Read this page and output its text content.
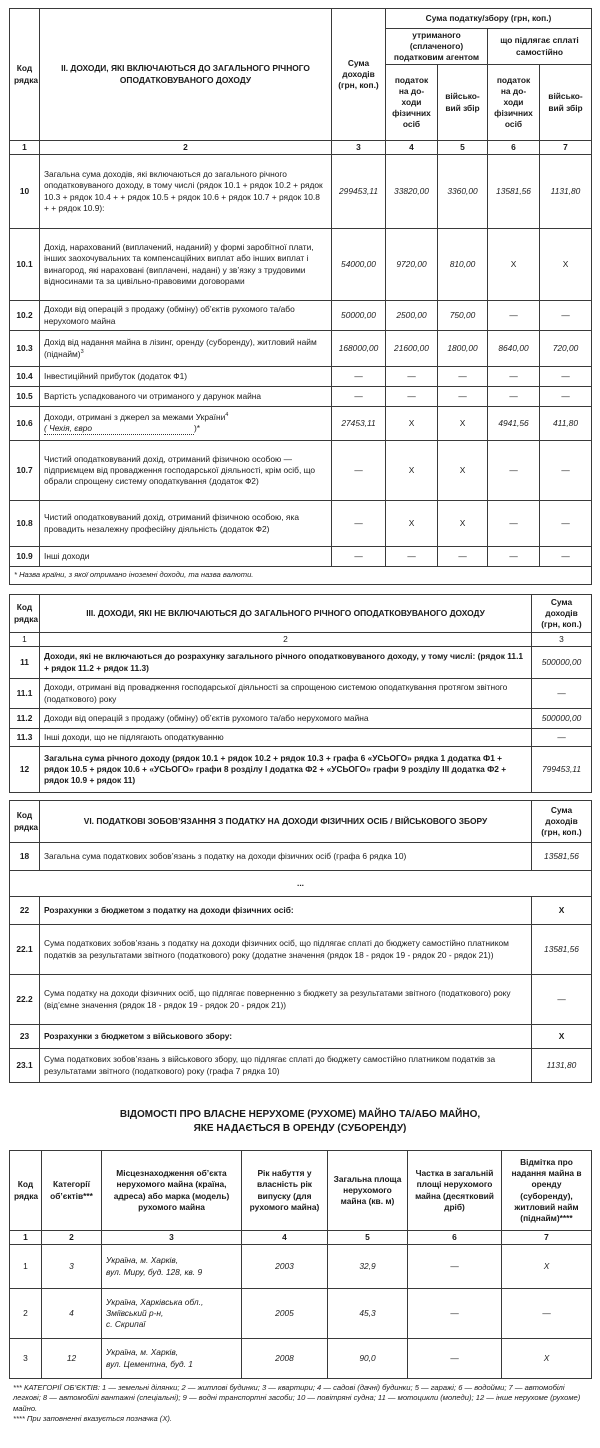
Код рядка	II. ДОХОДИ, ЯКІ ВКЛЮЧАЮТЬСЯ ДО ЗАГАЛЬНОГО РІЧНОГО ОПОДАТКОВУВАНОГО ДОХОДУ	Сума доходів (грн, коп.)	Сума податку/збору (грн, коп.)			
			утриманого (сплаченого) податковим агентом		що підлягає сплаті самостійно	
			податок на до-ходи фізичних осіб	військо-вий збір	податок на до-ходи фізичних осіб	військо-вий збір
1	2	3	4	5	6	7
10	Загальна сума доходів, які включаються до загального річного оподатковуваного доходу, в тому числі (рядок 10.1 + рядок 10.2 + рядок 10.3 + рядок 10.4 + + рядок 10.5 + рядок 10.6 + рядок 10.7 + рядок 10.8 + + рядок 10.9):	299453,11	33820,00	3360,00	13581,56	1131,80
10.1	Дохід, нарахований (виплачений, наданий) у формі заробітної плати, інших заохочувальних та компенсаційних виплат або інших виплат і винагород, які нараховані (виплачені, надані) у зв’язку з трудовими відносинами та за цивільно-правовими договорами	54000,00	9720,00	810,00	X	X
10.2	Доходи від операцій з продажу (обміну) об’єктів рухомого та/або нерухомого майна	50000,00	2500,00	750,00	—	—
10.3	Дохід від надання майна в лізинг, оренду (суборенду), житловий найм (піднайм)$^3$	168000,00	21600,00	1800,00	8640,00	720,00
10.4	Інвестиційний прибуток (додаток Ф1)	—	—	—	—	—
10.5	Вартість успадкованого чи отриманого у дарунок майна	—	—	—	—	—
10.6	Доходи, отримані з джерел за межами України$^4$
( Чехія, євро )*	27453,11	X	X	4941,56	411,80
10.7	Чистий оподатковуваний дохід, отриманий фізичною особою — підприємцем від провадження господарської діяльності, крім осіб, що обрали спрощену систему оподаткування (додаток Ф2)	—	X	X	—	—
10.8	Чистий оподатковуваний дохід, отриманий фізичною особою, яка провадить незалежну професійну діяльність (додаток Ф2)	—	X	X	—	—
10.9	Інші доходи	—	—	—	—	—
* Назва країни, з якої отримано іноземні доходи, та назва валюти.						
Код рядка	III. ДОХОДИ, ЯКІ НЕ ВКЛЮЧАЮТЬСЯ ДО ЗАГАЛЬНОГО РІЧНОГО ОПОДАТКОВУВАНОГО ДОХОДУ	Сума доходів (грн, коп.)
1	2	3
11	Доходи, які не включаються до розрахунку загального річного оподатковуваного доходу, у тому числі: (рядок 11.1 + рядок 11.2 + рядок 11.3)	500000,00
11.1	Доходи, отримані від провадження господарської діяльності за спрощеною системою оподаткування протягом звітного (податкового) року	—
11.2	Доходи від операцій з продажу (обміну) об’єктів рухомого та/або нерухомого майна	500000,00
11.3	Інші доходи, що не підлягають оподаткуванню	—
12	Загальна сума річного доходу (рядок 10.1 + рядок 10.2 + рядок 10.3 + графа 6 «УСЬОГО» рядка 1 додатка Ф1 + рядок 10.5 + рядок 10.6 + «УСЬОГО» графи 8 розділу I додатка Ф2 + «УСЬОГО» графи 9 розділу III додатка Ф2 + рядок 10.9 + рядок 11)	799453,11
Код рядка	VI. ПОДАТКОВІ ЗОБОВ’ЯЗАННЯ З ПОДАТКУ НА ДОХОДИ ФІЗИЧНИХ ОСІБ / ВІЙСЬКОВОГО ЗБОРУ	Сума доходів (грн, коп.)
18	Загальна сума податкових зобов’язань з податку на доходи фізичних осіб (графа 6 рядка 10)	13581,56
...		
22	Розрахунки з бюджетом з податку на доходи фізичних осіб:	X
22.1	Сума податкових зобов’язань з податку на доходи фізичних осіб, що підлягає сплаті до бюджету самостійно платником податків за результатами звітного (податкового) року (додатне значення (рядок 18 - рядок 19 - рядок 20 - рядок 21))	13581,56
22.2	Сума податку на доходи фізичних осіб, що підлягає поверненню з бюджету за результатами звітного (податкового) року (від’ємне значення (рядок 18 - рядок 19 - рядок 20 - рядок 21))	—
23	Розрахунки з бюджетом з військового збору:	X
23.1	Сума податкових зобов’язань з військового збору, що підлягає сплаті до бюджету самостійно платником податків за результатами звітного (податкового) року (графа 7 рядка 10)	1131,80
ВІДОМОСТІ ПРО ВЛАСНЕ НЕРУХОМЕ (РУХОМЕ) МАЙНО ТА/АБО МАЙНО,
ЯКЕ НАДАЄТЬСЯ В ОРЕНДУ (СУБОРЕНДУ)
Код рядка	Категорії об’єктів***	Місцезнаходження об’єкта нерухомого майна (країна, адреса) або марка (модель) рухомого майна	Рік набуття у власність рік випуску (для рухомого майна)	Загальна площа нерухомого майна (кв. м)	Частка в загальній площі нерухомого майна (десятковий дріб)	Відмітка про надання майна в оренду (суборенду), житловий найм (піднайм)****
1	2	3	4	5	6	7
1	3	Україна, м. Харків,
вул. Миру, буд. 128, кв. 9	2003	32,9	—	X
2	4	Україна, Харківська обл.,
Зміївський р-н,
с. Скрипаї	2005	45,3	—	—
3	12	Україна, м. Харків,
вул. Цементна, буд. 1	2008	90,0	—	X
*** КАТЕГОРІЇ ОБ’ЄКТІВ: 1 — земельні ділянки; 2 — житлові будинки; 3 — квартири; 4 — садові (дачні) будинки; 5 — гаражі; 6 — водойми; 7 — автомобілі легкові; 8 — автомобілі вантажні (спеціальні); 9 — водні транспортні засоби; 10 — повітряні судна; 11 — мотоцикли (мопеди); 12 — інше нерухоме (рухоме) майно.
**** При заповненні вказується позначка (X).
